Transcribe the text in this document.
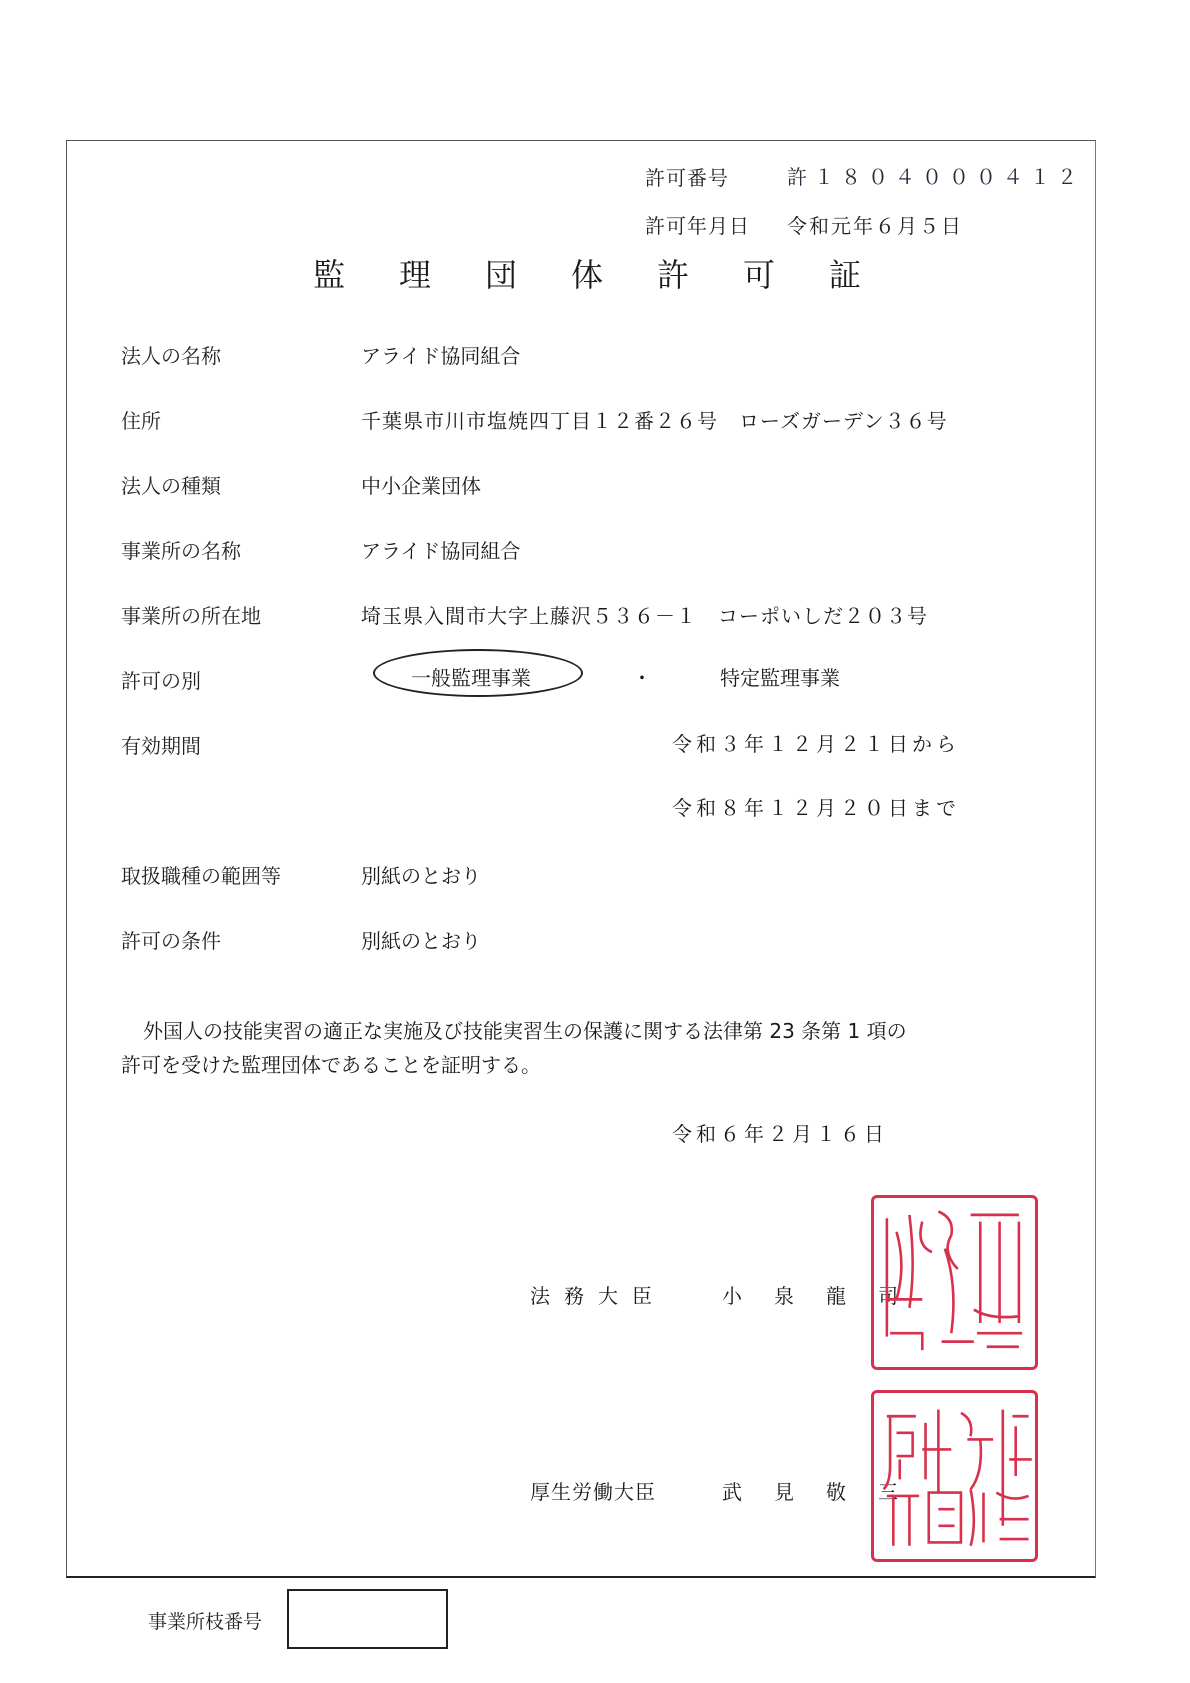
許可番号	許１８０４０００４１２
許可年月日 令和元年６月５日
監 理 団 体 許 可 証
法人の名称	アライド協同組合
住所	千葉県市川市塩焼四丁目１２番２６号　ローズガーデン３６号
法人の種類	中小企業団体
事業所の名称	アライド協同組合
事業所の所在地	埼玉県入間市大字上藤沢５３６－１　コーポいしだ２０３号
許可の別	一般監理事業	・	特定監理事業
有効期間	令和３年１２月２１日から
令和８年１２月２０日まで
取扱職種の範囲等	別紙のとおり
許可の条件	別紙のとおり
外国人の技能実習の適正な実施及び技能実習生の保護に関する法律第 23 条第 1 項の
許可を受けた監理団体であることを証明する。
令和６年２月１６日
法務大臣	小泉龍司
厚生労働大臣	武見敬三
事業所枝番号
